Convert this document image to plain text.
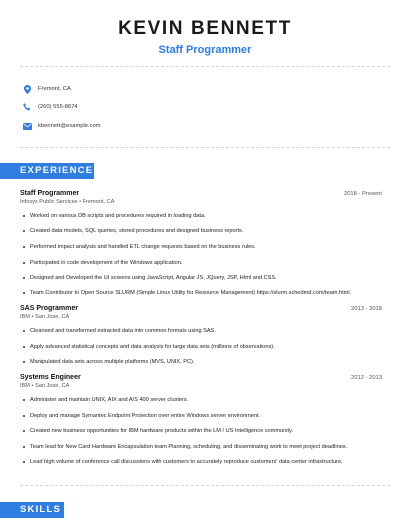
KEVIN BENNETT
Staff Programmer
Fremont, CA
(260) 555-8674
kbennett@example.com
EXPERIENCE
Staff Programmer	2018 - Present
Infosys Public Services • Fremont, CA
Worked on various DB scripts and procedures required in loading data.
Created data models, SQL queries, stored procedures and designed business reports.
Performed impact analysis and handled ETL change requests based on the business rules.
Participated in code development of the Windows application.
Designed and Developed the UI screens using JavaScript, Angular JS, JQuery, JSP, Html and CSS.
Team Contributor to Open Source SLURM (Simple Linux Utility for Resource Management) https://slurm.schedmd.com/team.html.
SAS Programmer	2013 - 2018
IBM • San Jose, CA
Cleansed and transformed extracted data into common formats using SAS.
Apply advanced statistical concepts and data analysis for large data sets (millions of observations).
Manipulated data sets across multiple platforms (MVS, UNIX, PC).
Systems Engineer	2012 - 2013
IBM • San Jose, CA
Administer and maintain UNIX, AIX and A/S 400 server clusters.
Deploy and manage Symantec Endpoint Protection over entire Windows server environment.
Created new business opportunities for IBM hardware products within the LM / US Intelligence community.
Team lead for New Card Hardware Encapsulation team Planning, scheduling, and disseminating work to meet project deadlines.
Lead high volume of conference call discussions with customers to accurately reproduce customers' data center infrastructure.
SKILLS
